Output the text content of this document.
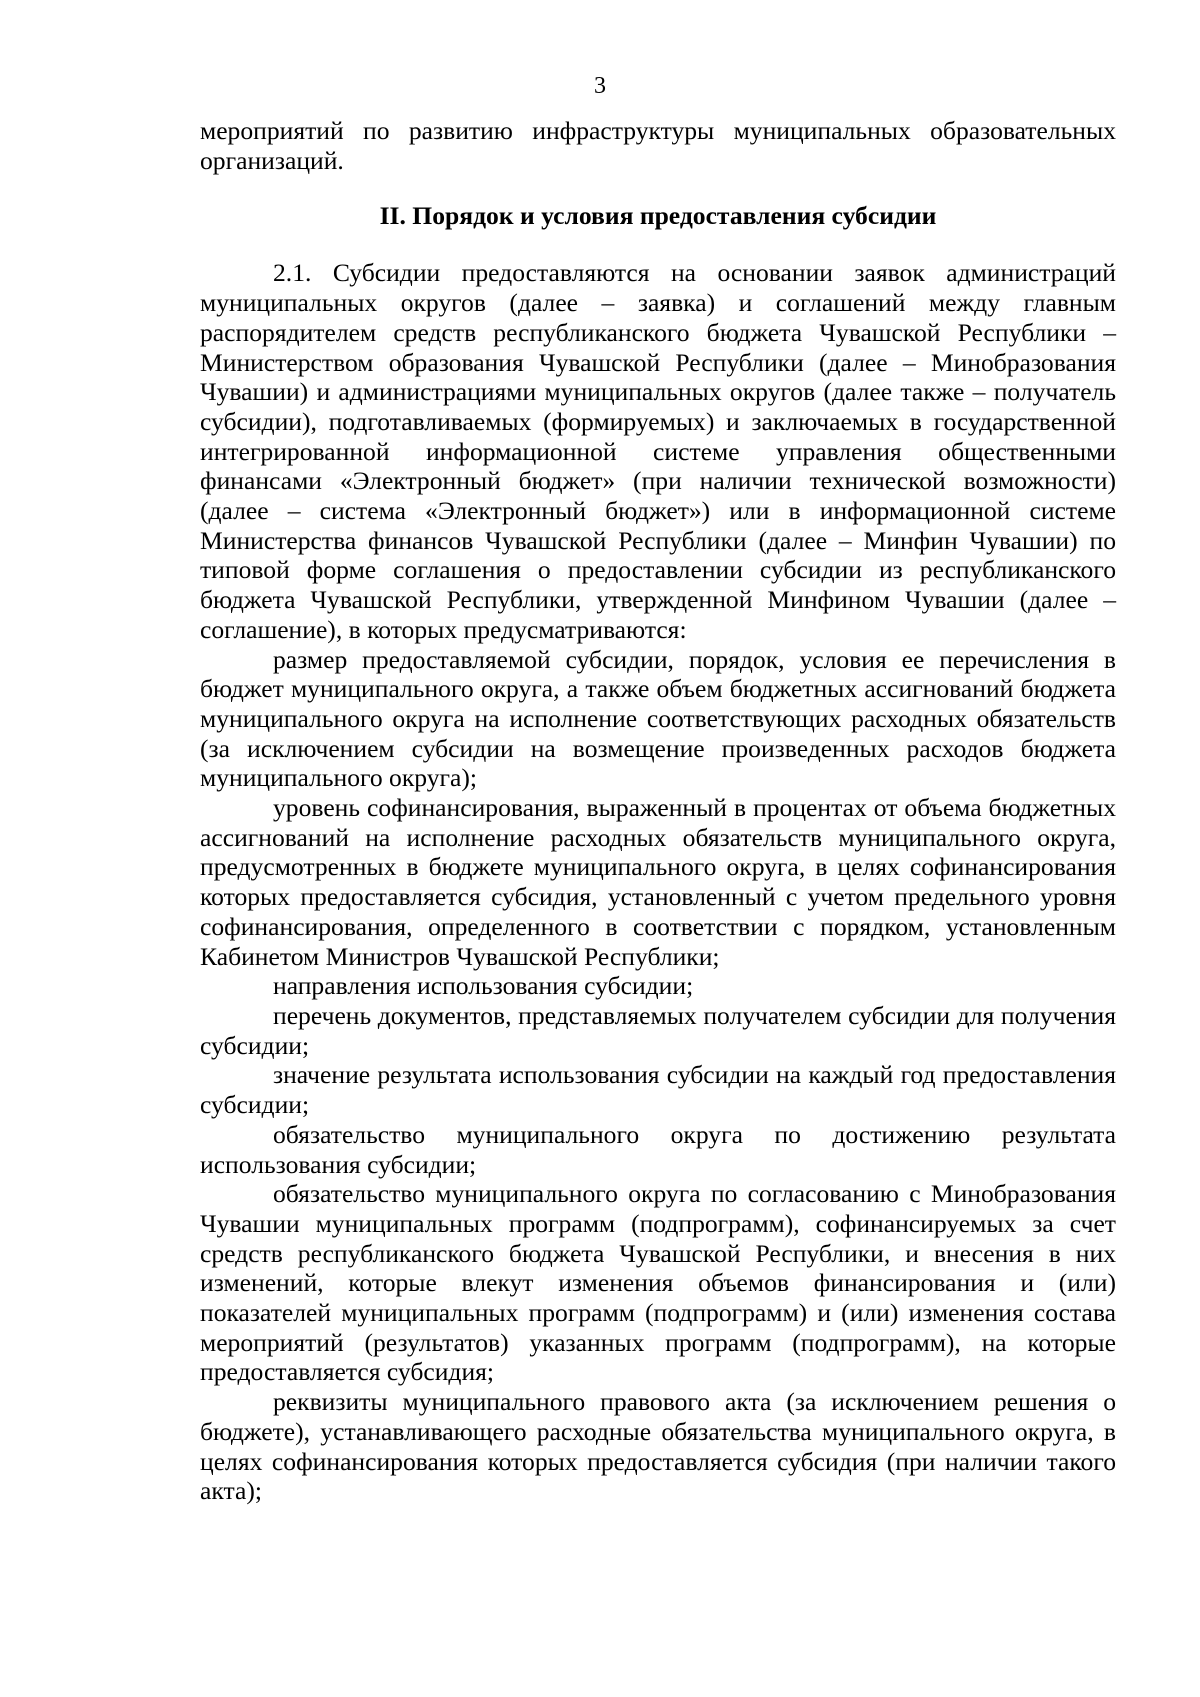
3

мероприятий по развитию инфраструктуры муниципальных образовательных организаций.

II. Порядок и условия предоставления субсидии

2.1. Субсидии предоставляются на основании заявок администраций муниципальных округов (далее – заявка) и соглашений между главным распорядителем средств республиканского бюджета Чувашской Республики – Министерством образования Чувашской Республики (далее – Минобразования Чувашии) и администрациями муниципальных округов (далее также – получатель субсидии), подготавливаемых (формируемых) и заключаемых в государственной интегрированной информационной системе управления общественными финансами «Электронный бюджет» (при наличии технической возможности) (далее – система «Электронный бюджет») или в информационной системе Министерства финансов Чувашской Республики (далее – Минфин Чувашии) по типовой форме соглашения о предоставлении субсидии из республиканского бюджета Чувашской Республики, утвержденной Минфином Чувашии (далее – соглашение), в которых предусматриваются:

размер предоставляемой субсидии, порядок, условия ее перечисления в бюджет муниципального округа, а также объем бюджетных ассигнований бюджета муниципального округа на исполнение соответствующих расходных обязательств (за исключением субсидии на возмещение произведенных расходов бюджета муниципального округа);

уровень софинансирования, выраженный в процентах от объема бюджетных ассигнований на исполнение расходных обязательств муниципального округа, предусмотренных в бюджете муниципального округа, в целях софинансирования которых предоставляется субсидия, установленный с учетом предельного уровня софинансирования, определенного в соответствии с порядком, установленным Кабинетом Министров Чувашской Республики;

направления использования субсидии;

перечень документов, представляемых получателем субсидии для получения субсидии;

значение результата использования субсидии на каждый год предоставления субсидии;

обязательство муниципального округа по достижению результата использования субсидии;

обязательство муниципального округа по согласованию с Минобразования Чувашии муниципальных программ (подпрограмм), софинансируемых за счет средств республиканского бюджета Чувашской Республики, и внесения в них изменений, которые влекут изменения объемов финансирования и (или) показателей муниципальных программ (подпрограмм) и (или) изменения состава мероприятий (результатов) указанных программ (подпрограмм), на которые предоставляется субсидия;

реквизиты муниципального правового акта (за исключением решения о бюджете), устанавливающего расходные обязательства муниципального округа, в целях софинансирования которых предоставляется субсидия (при наличии такого акта);
